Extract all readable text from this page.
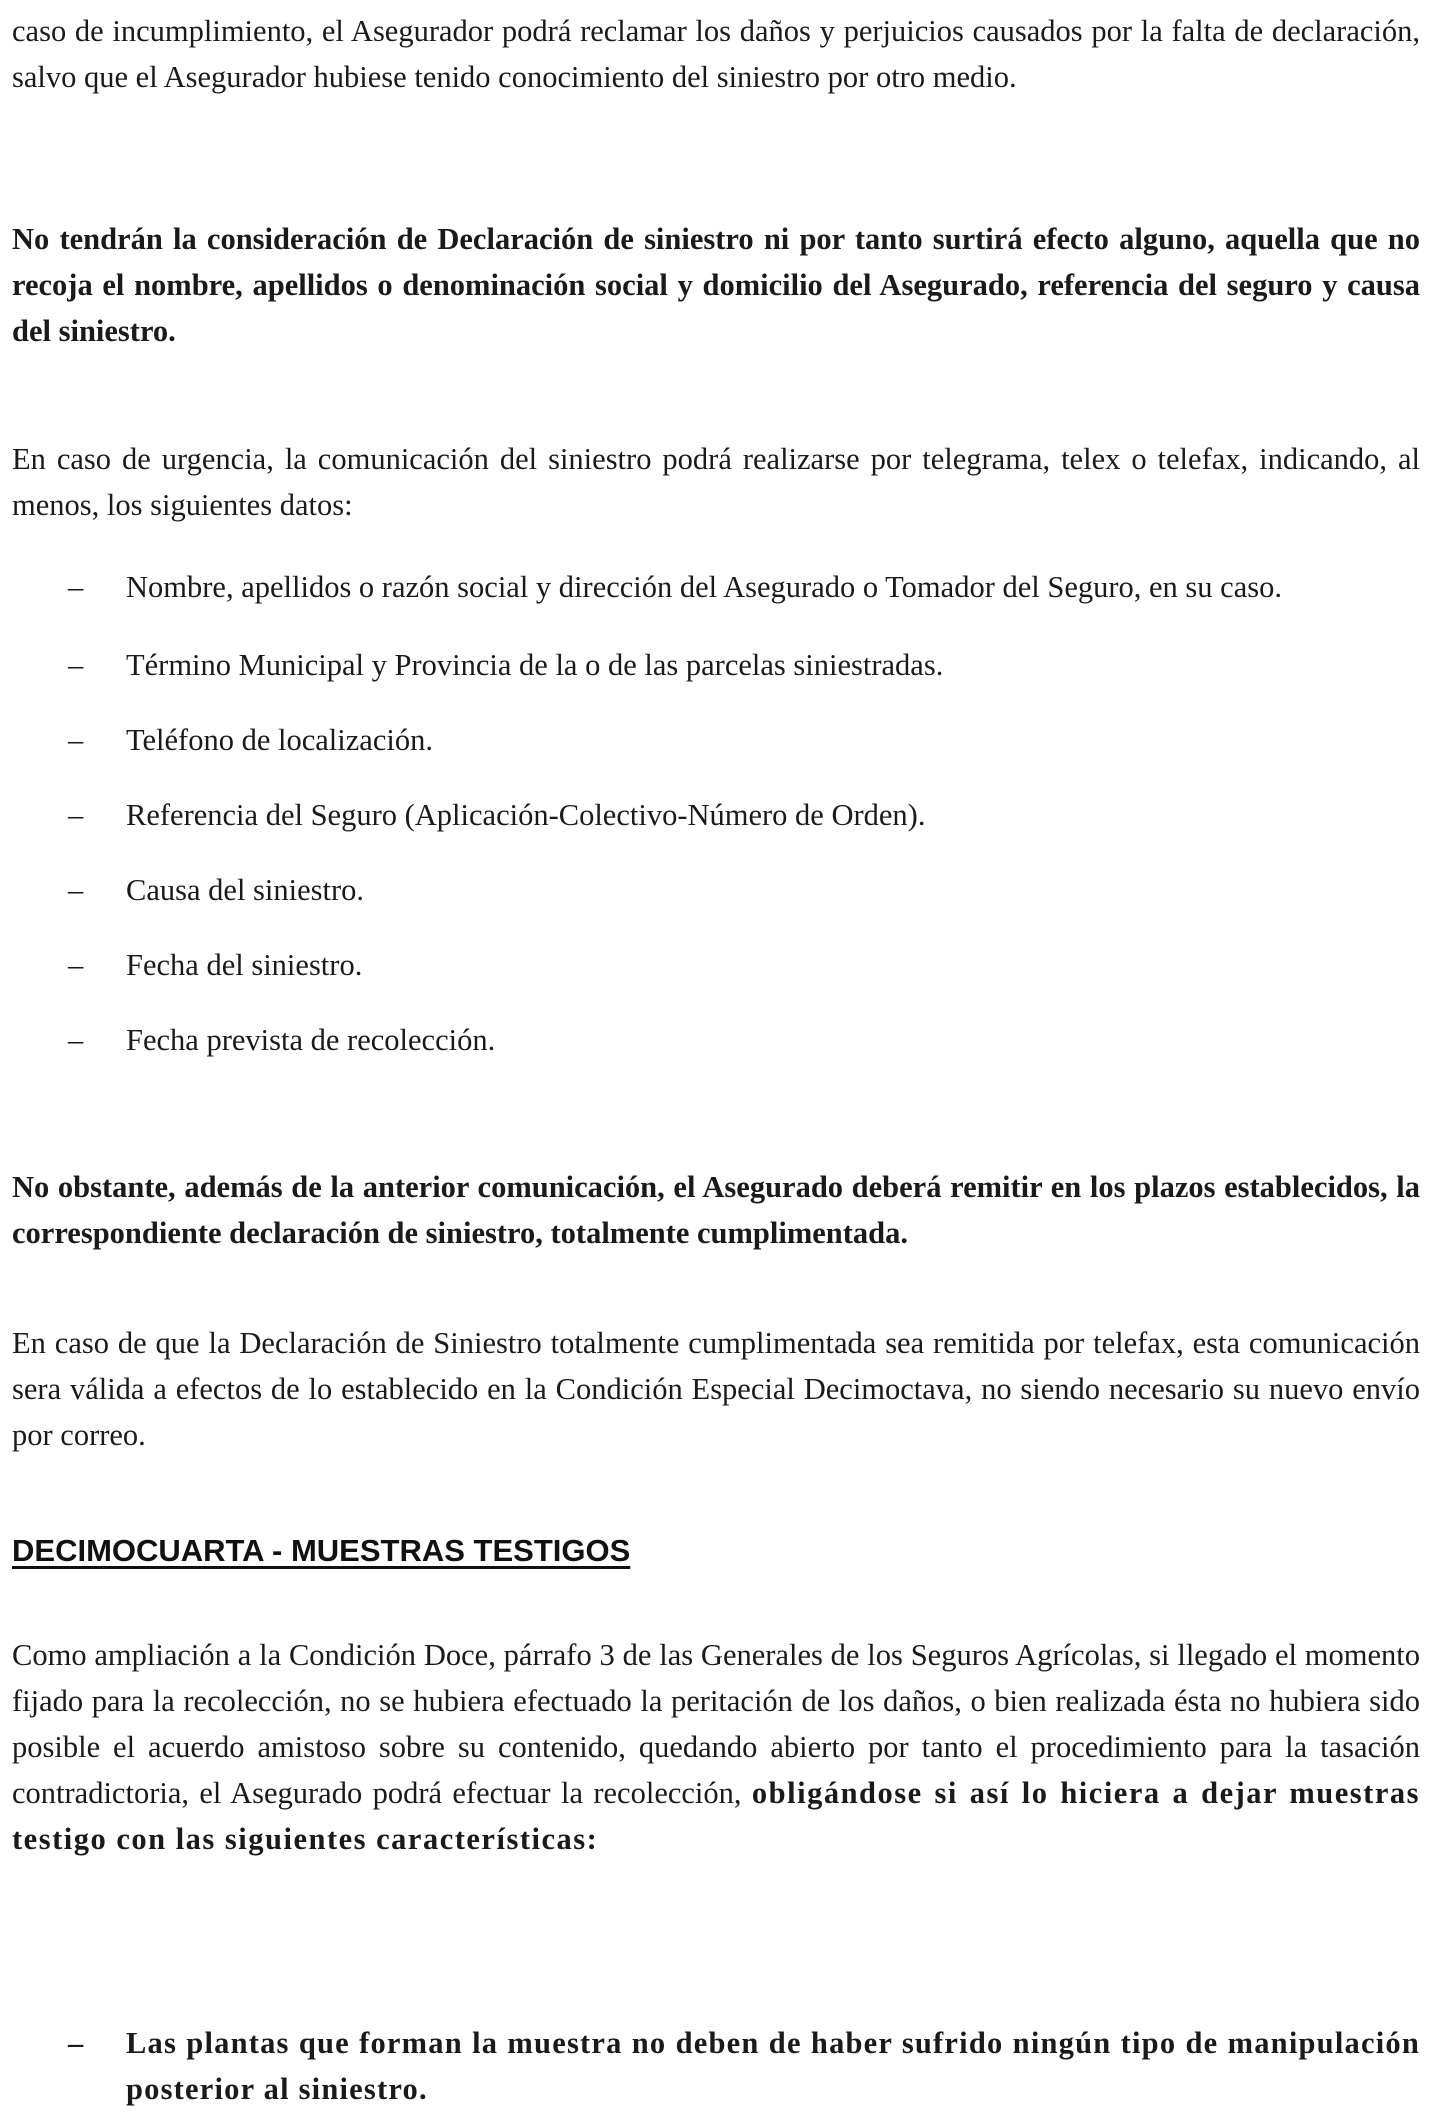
caso de incumplimiento, el Asegurador podrá reclamar los daños y perjuicios causados por la falta de declaración, salvo que el Asegurador hubiese tenido conocimiento del siniestro por otro medio.

No tendrán la consideración de Declaración de siniestro ni por tanto surtirá efecto alguno, aquella que no recoja el nombre, apellidos o denominación social y domicilio del Asegurado, referencia del seguro y causa del siniestro.

En caso de urgencia, la comunicación del siniestro podrá realizarse por telegrama, telex o telefax, indicando, al menos, los siguientes datos:

– Nombre, apellidos o razón social y dirección del Asegurado o Tomador del Seguro, en su caso.
– Término Municipal y Provincia de la o de las parcelas siniestradas.
– Teléfono de localización.
– Referencia del Seguro (Aplicación-Colectivo-Número de Orden).
– Causa del siniestro.
– Fecha del siniestro.
– Fecha prevista de recolección.

No obstante, además de la anterior comunicación, el Asegurado deberá remitir en los plazos establecidos, la correspondiente declaración de siniestro, totalmente cumplimentada.

En caso de que la Declaración de Siniestro totalmente cumplimentada sea remitida por telefax, esta comunicación sera válida a efectos de lo establecido en la Condición Especial Decimoctava, no siendo necesario su nuevo envío por correo.

DECIMOCUARTA - MUESTRAS TESTIGOS

Como ampliación a la Condición Doce, párrafo 3 de las Generales de los Seguros Agrícolas, si llegado el momento fijado para la recolección, no se hubiera efectuado la peritación de los daños, o bien realizada ésta no hubiera sido posible el acuerdo amistoso sobre su contenido, quedando abierto por tanto el procedimiento para la tasación contradictoria, el Asegurado podrá efectuar la recolección, obligándose si así lo hiciera a dejar muestras testigo con las siguientes características:

– Las plantas que forman la muestra no deben de haber sufrido ningún tipo de manipulación posterior al siniestro.
